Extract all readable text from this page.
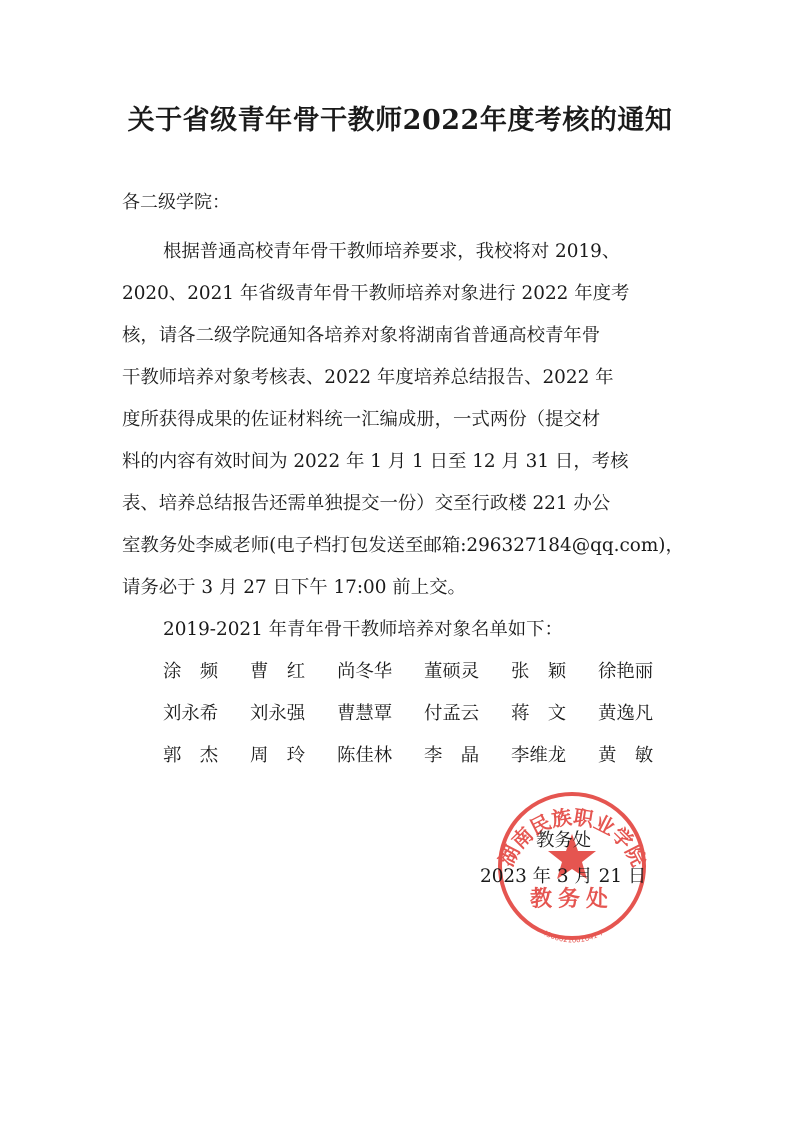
关于省级青年骨干教师2022年度考核的通知
各二级学院：
根据普通高校青年骨干教师培养要求，我校将对 2019、
2020、2021 年省级青年骨干教师培养对象进行 2022 年度考
核，请各二级学院通知各培养对象将湖南省普通高校青年骨
干教师培养对象考核表、2022 年度培养总结报告、2022 年
度所获得成果的佐证材料统一汇编成册，一式两份（提交材
料的内容有效时间为 2022 年 1 月 1 日至 12 月 31 日，考核
表、培养总结报告还需单独提交一份）交至行政楼 221 办公
室教务处李威老师(电子档打包发送至邮箱:296327184@qq.com)，
请务必于 3 月 27 日下午 17:00 前上交。
2019-2021 年青年骨干教师培养对象名单如下：
涂　频 曹　红 尚冬华 董硕灵 张　颖 徐艳丽
刘永希 刘永强 曹慧覃 付孟云 蒋　文 黄逸凡
郭　杰 周　玲 陈佳林 李　晶 李维龙 黄　敏
湖南民族职业学院
教务处
4306021001641 7
教务处
2023 年 3 月 21 日
